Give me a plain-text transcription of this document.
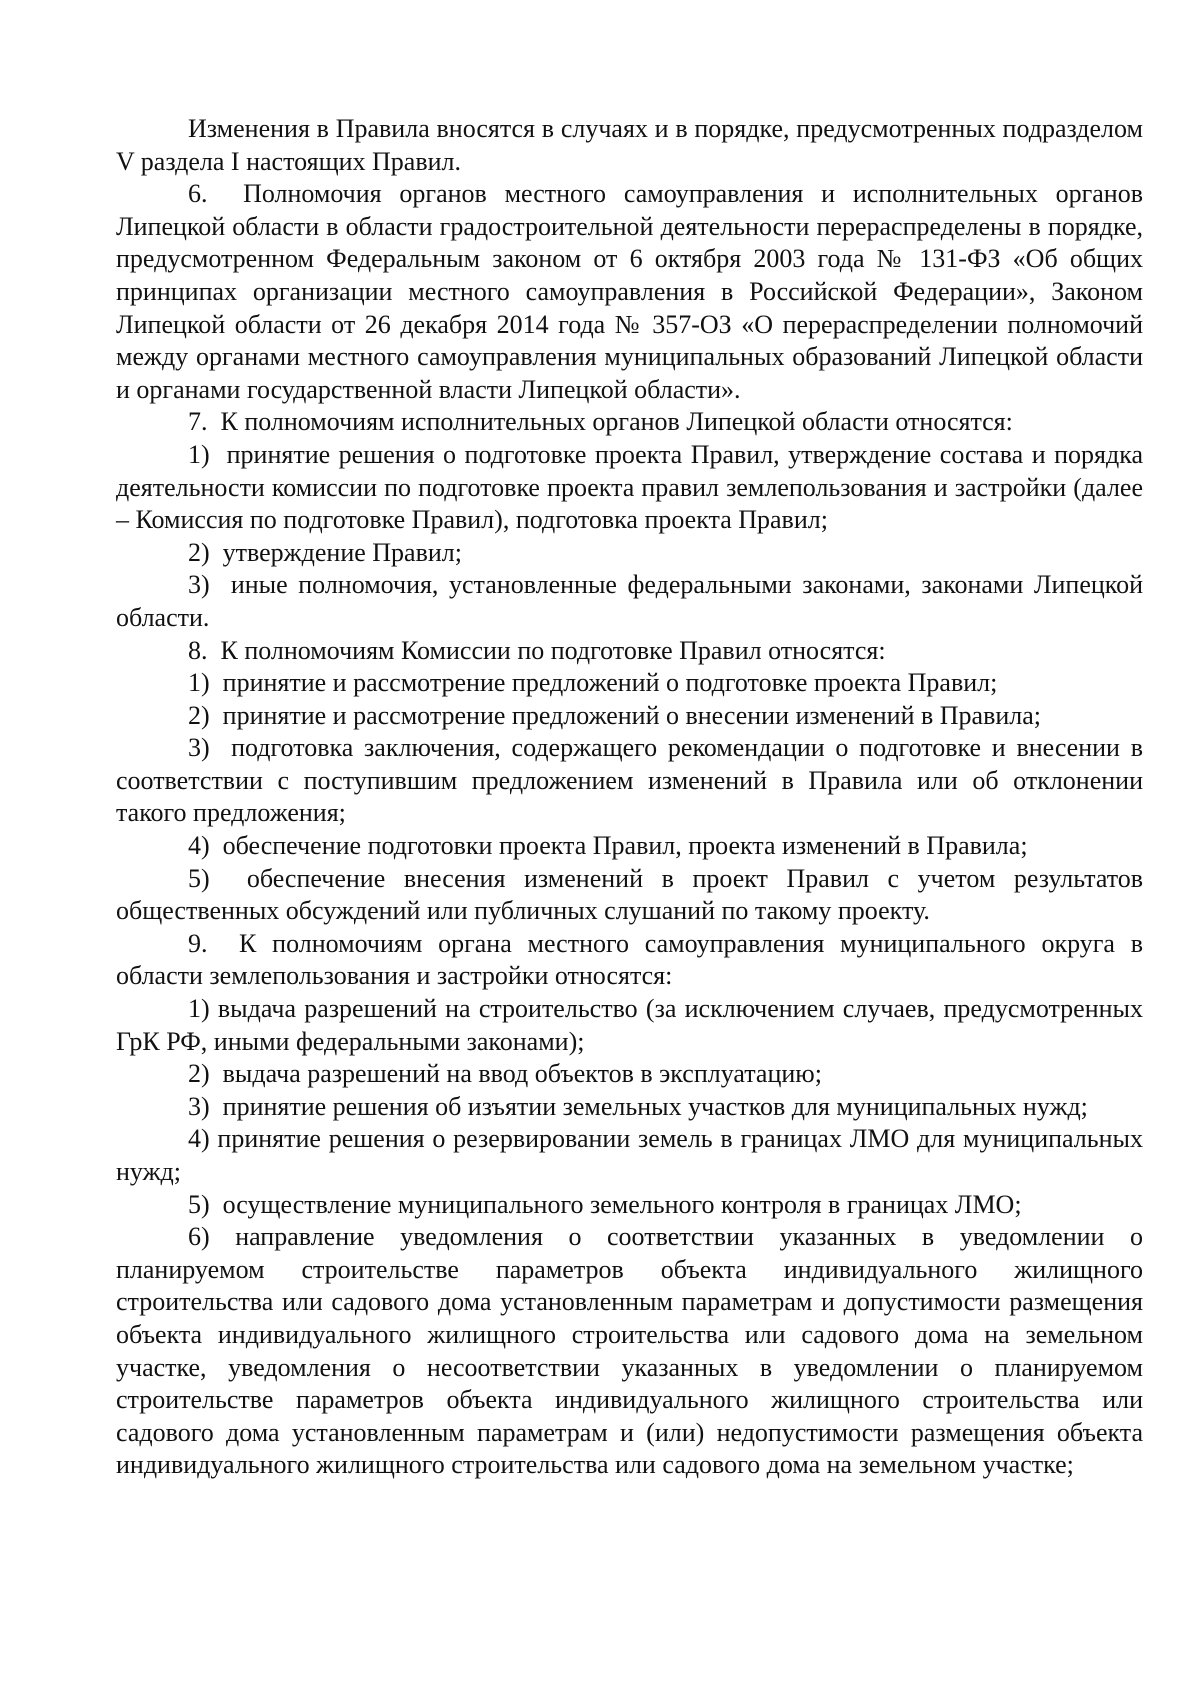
Изменения в Правила вносятся в случаях и в порядке, предусмотренных подразделом V раздела I настоящих Правил.

6.  Полномочия органов местного самоуправления и исполнительных органов Липецкой области в области градостроительной деятельности перераспределены в порядке, предусмотренном Федеральным законом от 6 октября 2003 года № 131-ФЗ «Об общих принципах организации местного самоуправления в Российской Федерации», Законом Липецкой области от 26 декабря 2014 года № 357-ОЗ «О перераспределении полномочий между органами местного самоуправления муниципальных образований Липецкой области и органами государственной власти Липецкой области».

7.  К полномочиям исполнительных органов Липецкой области относятся:

1)  принятие решения о подготовке проекта Правил, утверждение состава и порядка деятельности комиссии по подготовке проекта правил землепользования и застройки (далее – Комиссия по подготовке Правил), подготовка проекта Правил;

2)  утверждение Правил;

3)  иные полномочия, установленные федеральными законами, законами Липецкой области.

8.  К полномочиям Комиссии по подготовке Правил относятся:

1)  принятие и рассмотрение предложений о подготовке проекта Правил;

2)  принятие и рассмотрение предложений о внесении изменений в Правила;

3)  подготовка заключения, содержащего рекомендации о подготовке и внесении в соответствии с поступившим предложением изменений в Правила или об отклонении такого предложения;

4)  обеспечение подготовки проекта Правил, проекта изменений в Правила;

5)  обеспечение внесения изменений в проект Правил с учетом результатов общественных обсуждений или публичных слушаний по такому проекту.

9.  К полномочиям органа местного самоуправления муниципального округа в области землепользования и застройки относятся:

1) выдача разрешений на строительство (за исключением случаев, предусмотренных ГрК РФ, иными федеральными законами);

2)  выдача разрешений на ввод объектов в эксплуатацию;

3)  принятие решения об изъятии земельных участков для муниципальных нужд;

4) принятие решения о резервировании земель в границах ЛМО для муниципальных нужд;

5)  осуществление муниципального земельного контроля в границах ЛМО;

6) направление уведомления о соответствии указанных в уведомлении о планируемом строительстве параметров объекта индивидуального жилищного строительства или садового дома установленным параметрам и допустимости размещения объекта индивидуального жилищного строительства или садового дома на земельном участке, уведомления о несоответствии указанных в уведомлении о планируемом строительстве параметров объекта индивидуального жилищного строительства или садового дома установленным параметрам и (или) недопустимости размещения объекта индивидуального жилищного строительства или садового дома на земельном участке;
